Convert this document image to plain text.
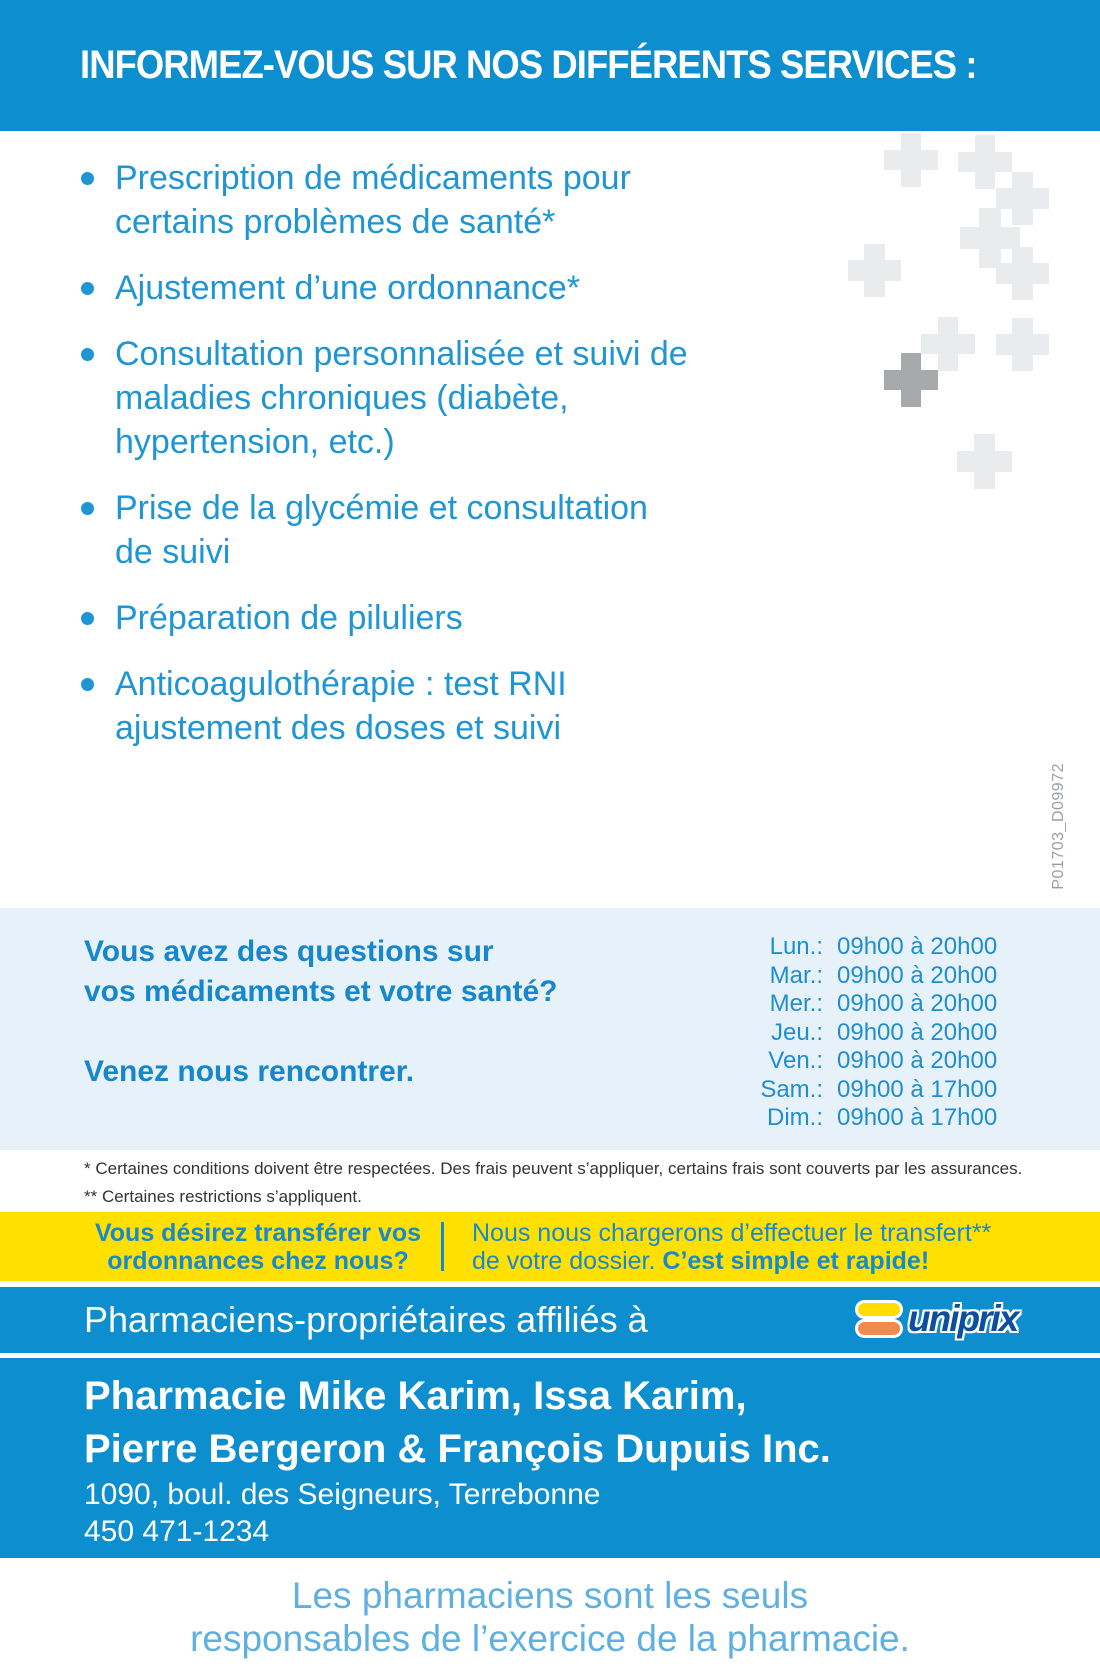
INFORMEZ-VOUS SUR NOS DIFFÉRENTS SERVICES :
Prescription de médicaments pour
certains problèmes de santé*
Ajustement d’une ordonnance*
Consultation personnalisée et suivi de
maladies chroniques (diabète,
hypertension, etc.)
Prise de la glycémie et consultation
de suivi
Préparation de piluliers
Anticoagulothérapie : test RNI
ajustement des doses et suivi
P01703_D09972
Vous avez des questions sur
vos médicaments et votre santé?
Venez nous rencontrer.
Lun.: 09h00 à 20h00
Mar.: 09h00 à 20h00
Mer.: 09h00 à 20h00
Jeu.: 09h00 à 20h00
Ven.: 09h00 à 20h00
Sam.: 09h00 à 17h00
Dim.: 09h00 à 17h00
* Certaines conditions doivent être respectées. Des frais peuvent s’appliquer, certains frais sont couverts par les assurances.
** Certaines restrictions s’appliquent.
Vous désirez transférer vos
ordonnances chez nous?
Nous nous chargerons d’effectuer le transfert**
de votre dossier. C’est simple et rapide!
Pharmaciens-propriétaires affiliés à	uniprix
Pharmacie Mike Karim, Issa Karim,
Pierre Bergeron & François Dupuis Inc.
1090, boul. des Seigneurs, Terrebonne
450 471-1234
Les pharmaciens sont les seuls
responsables de l’exercice de la pharmacie.
